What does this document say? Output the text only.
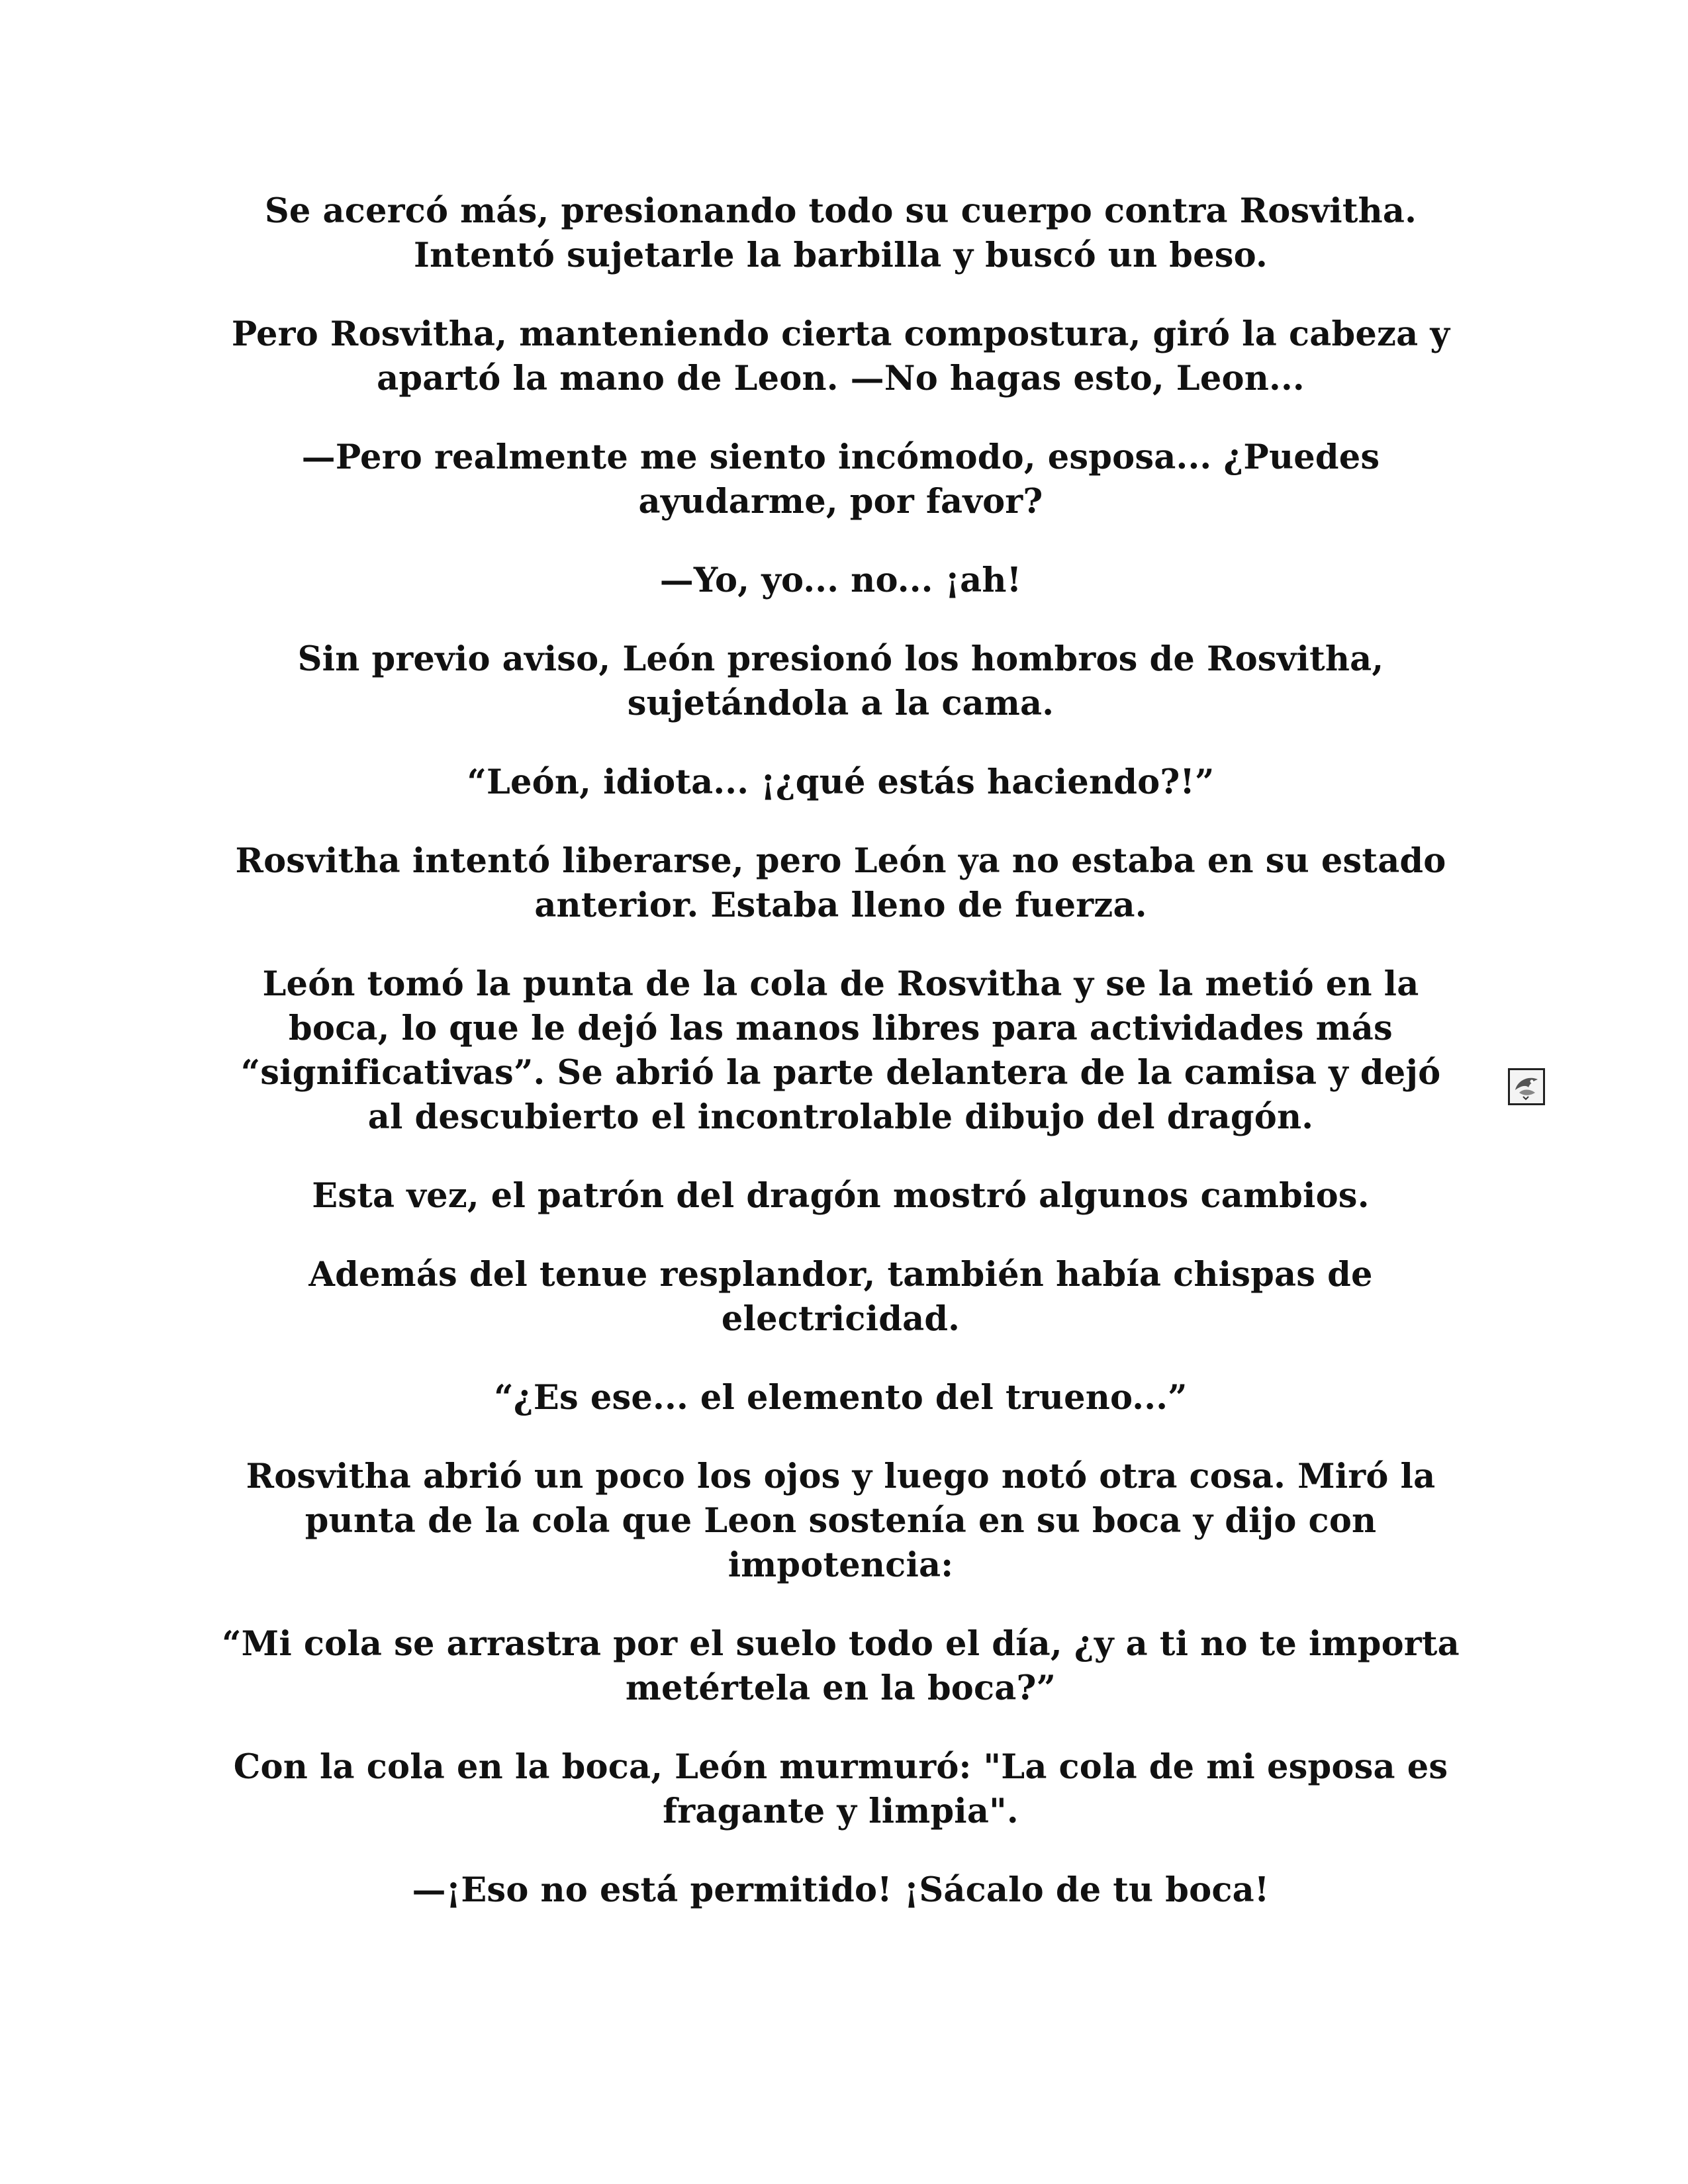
Se acercó más, presionando todo su cuerpo contra Rosvitha. Intentó sujetarle la barbilla y buscó un beso.

Pero Rosvitha, manteniendo cierta compostura, giró la cabeza y apartó la mano de Leon. —No hagas esto, Leon...

—Pero realmente me siento incómodo, esposa... ¿Puedes ayudarme, por favor?

—Yo, yo... no... ¡ah!

Sin previo aviso, León presionó los hombros de Rosvitha, sujetándola a la cama.

“León, idiota... ¡¿qué estás haciendo?!”

Rosvitha intentó liberarse, pero León ya no estaba en su estado anterior. Estaba lleno de fuerza.

León tomó la punta de la cola de Rosvitha y se la metió en la boca, lo que le dejó las manos libres para actividades más “significativas”. Se abrió la parte delantera de la camisa y dejó al descubierto el incontrolable dibujo del dragón.

Esta vez, el patrón del dragón mostró algunos cambios.

Además del tenue resplandor, también había chispas de electricidad.

“¿Es ese... el elemento del trueno...”

Rosvitha abrió un poco los ojos y luego notó otra cosa. Miró la punta de la cola que Leon sostenía en su boca y dijo con impotencia:

“Mi cola se arrastra por el suelo todo el día, ¿y a ti no te importa metértela en la boca?”

Con la cola en la boca, León murmuró: "La cola de mi esposa es fragante y limpia".

—¡Eso no está permitido! ¡Sácalo de tu boca!
